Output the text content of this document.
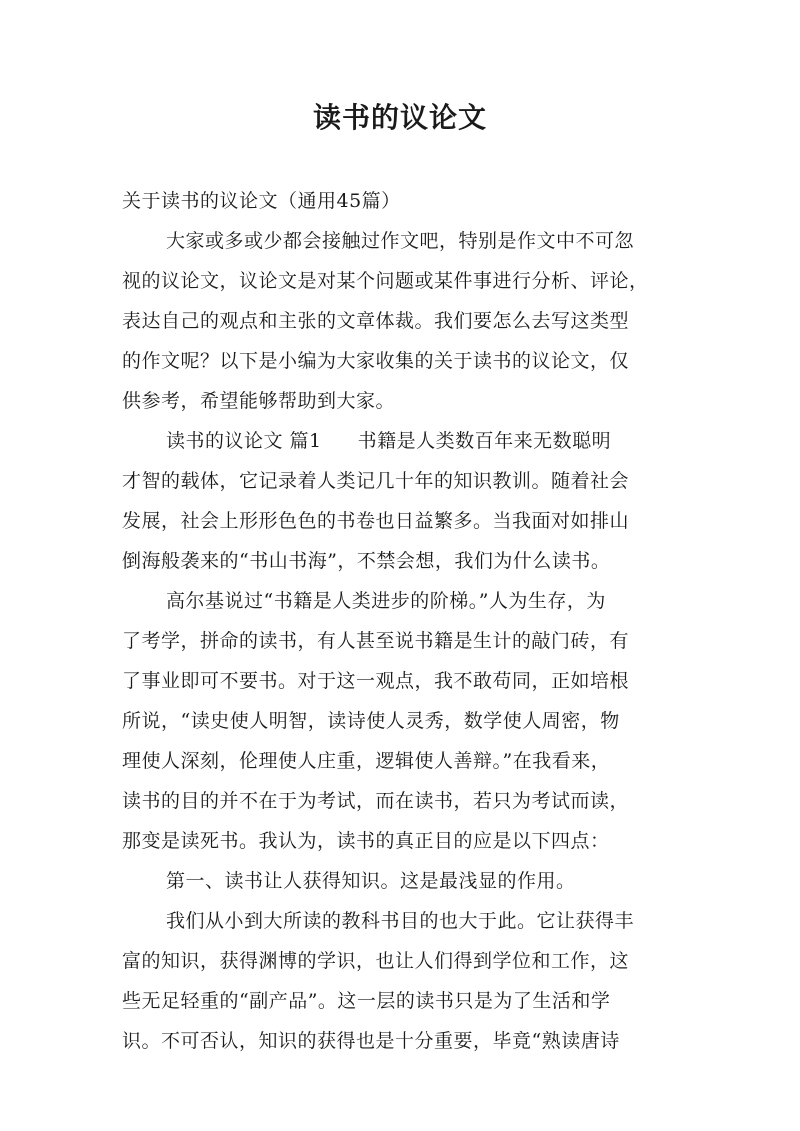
读书的议论文
关于读书的议论文（通用45篇）
大家或多或少都会接触过作文吧，特别是作文中不可忽
视的议论文，议论文是对某个问题或某件事进行分析、评论，
表达自己的观点和主张的文章体裁。我们要怎么去写这类型
的作文呢？以下是小编为大家收集的关于读书的议论文，仅
供参考，希望能够帮助到大家。
读书的议论文 篇1 书籍是人类数百年来无数聪明
才智的载体，它记录着人类记几十年的知识教训。随着社会
发展，社会上形形色色的书卷也日益繁多。当我面对如排山
倒海般袭来的“书山书海”，不禁会想，我们为什么读书。
高尔基说过“书籍是人类进步的阶梯。”人为生存，为
了考学，拼命的读书，有人甚至说书籍是生计的敲门砖，有
了事业即可不要书。对于这一观点，我不敢苟同，正如培根
所说，“读史使人明智，读诗使人灵秀，数学使人周密，物
理使人深刻，伦理使人庄重，逻辑使人善辩。”在我看来，
读书的目的并不在于为考试，而在读书，若只为考试而读，
那变是读死书。我认为，读书的真正目的应是以下四点：
第一、读书让人获得知识。这是最浅显的作用。
我们从小到大所读的教科书目的也大于此。它让获得丰
富的知识，获得渊博的学识，也让人们得到学位和工作，这
些无足轻重的“副产品”。这一层的读书只是为了生活和学
识。不可否认，知识的获得也是十分重要，毕竟“熟读唐诗
